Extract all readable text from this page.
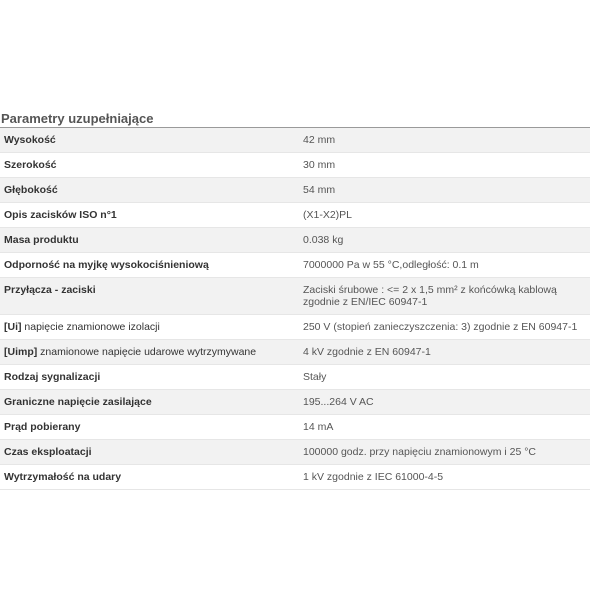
Parametry uzupełniające
Wysokość	42 mm
Szerokość	30 mm
Głębokość	54 mm
Opis zacisków ISO n°1	(X1-X2)PL
Masa produktu	0.038 kg
Odporność na myjkę wysokociśnieniową	7000000 Pa w 55 °C,odległość: 0.1 m
Przyłącza - zaciski	Zaciski śrubowe : <= 2 x 1,5 mm² z końcówką kablową zgodnie z EN/IEC 60947-1
[Ui] napięcie znamionowe izolacji	250 V (stopień zanieczyszczenia: 3) zgodnie z EN 60947-1
[Uimp] znamionowe napięcie udarowe wytrzymywane	4 kV zgodnie z EN 60947-1
Rodzaj sygnalizacji	Stały
Graniczne napięcie zasilające	195...264 V AC
Prąd pobierany	14 mA
Czas eksploatacji	100000 godz. przy napięciu znamionowym i 25 °C
Wytrzymałość na udary	1 kV zgodnie z IEC 61000-4-5
